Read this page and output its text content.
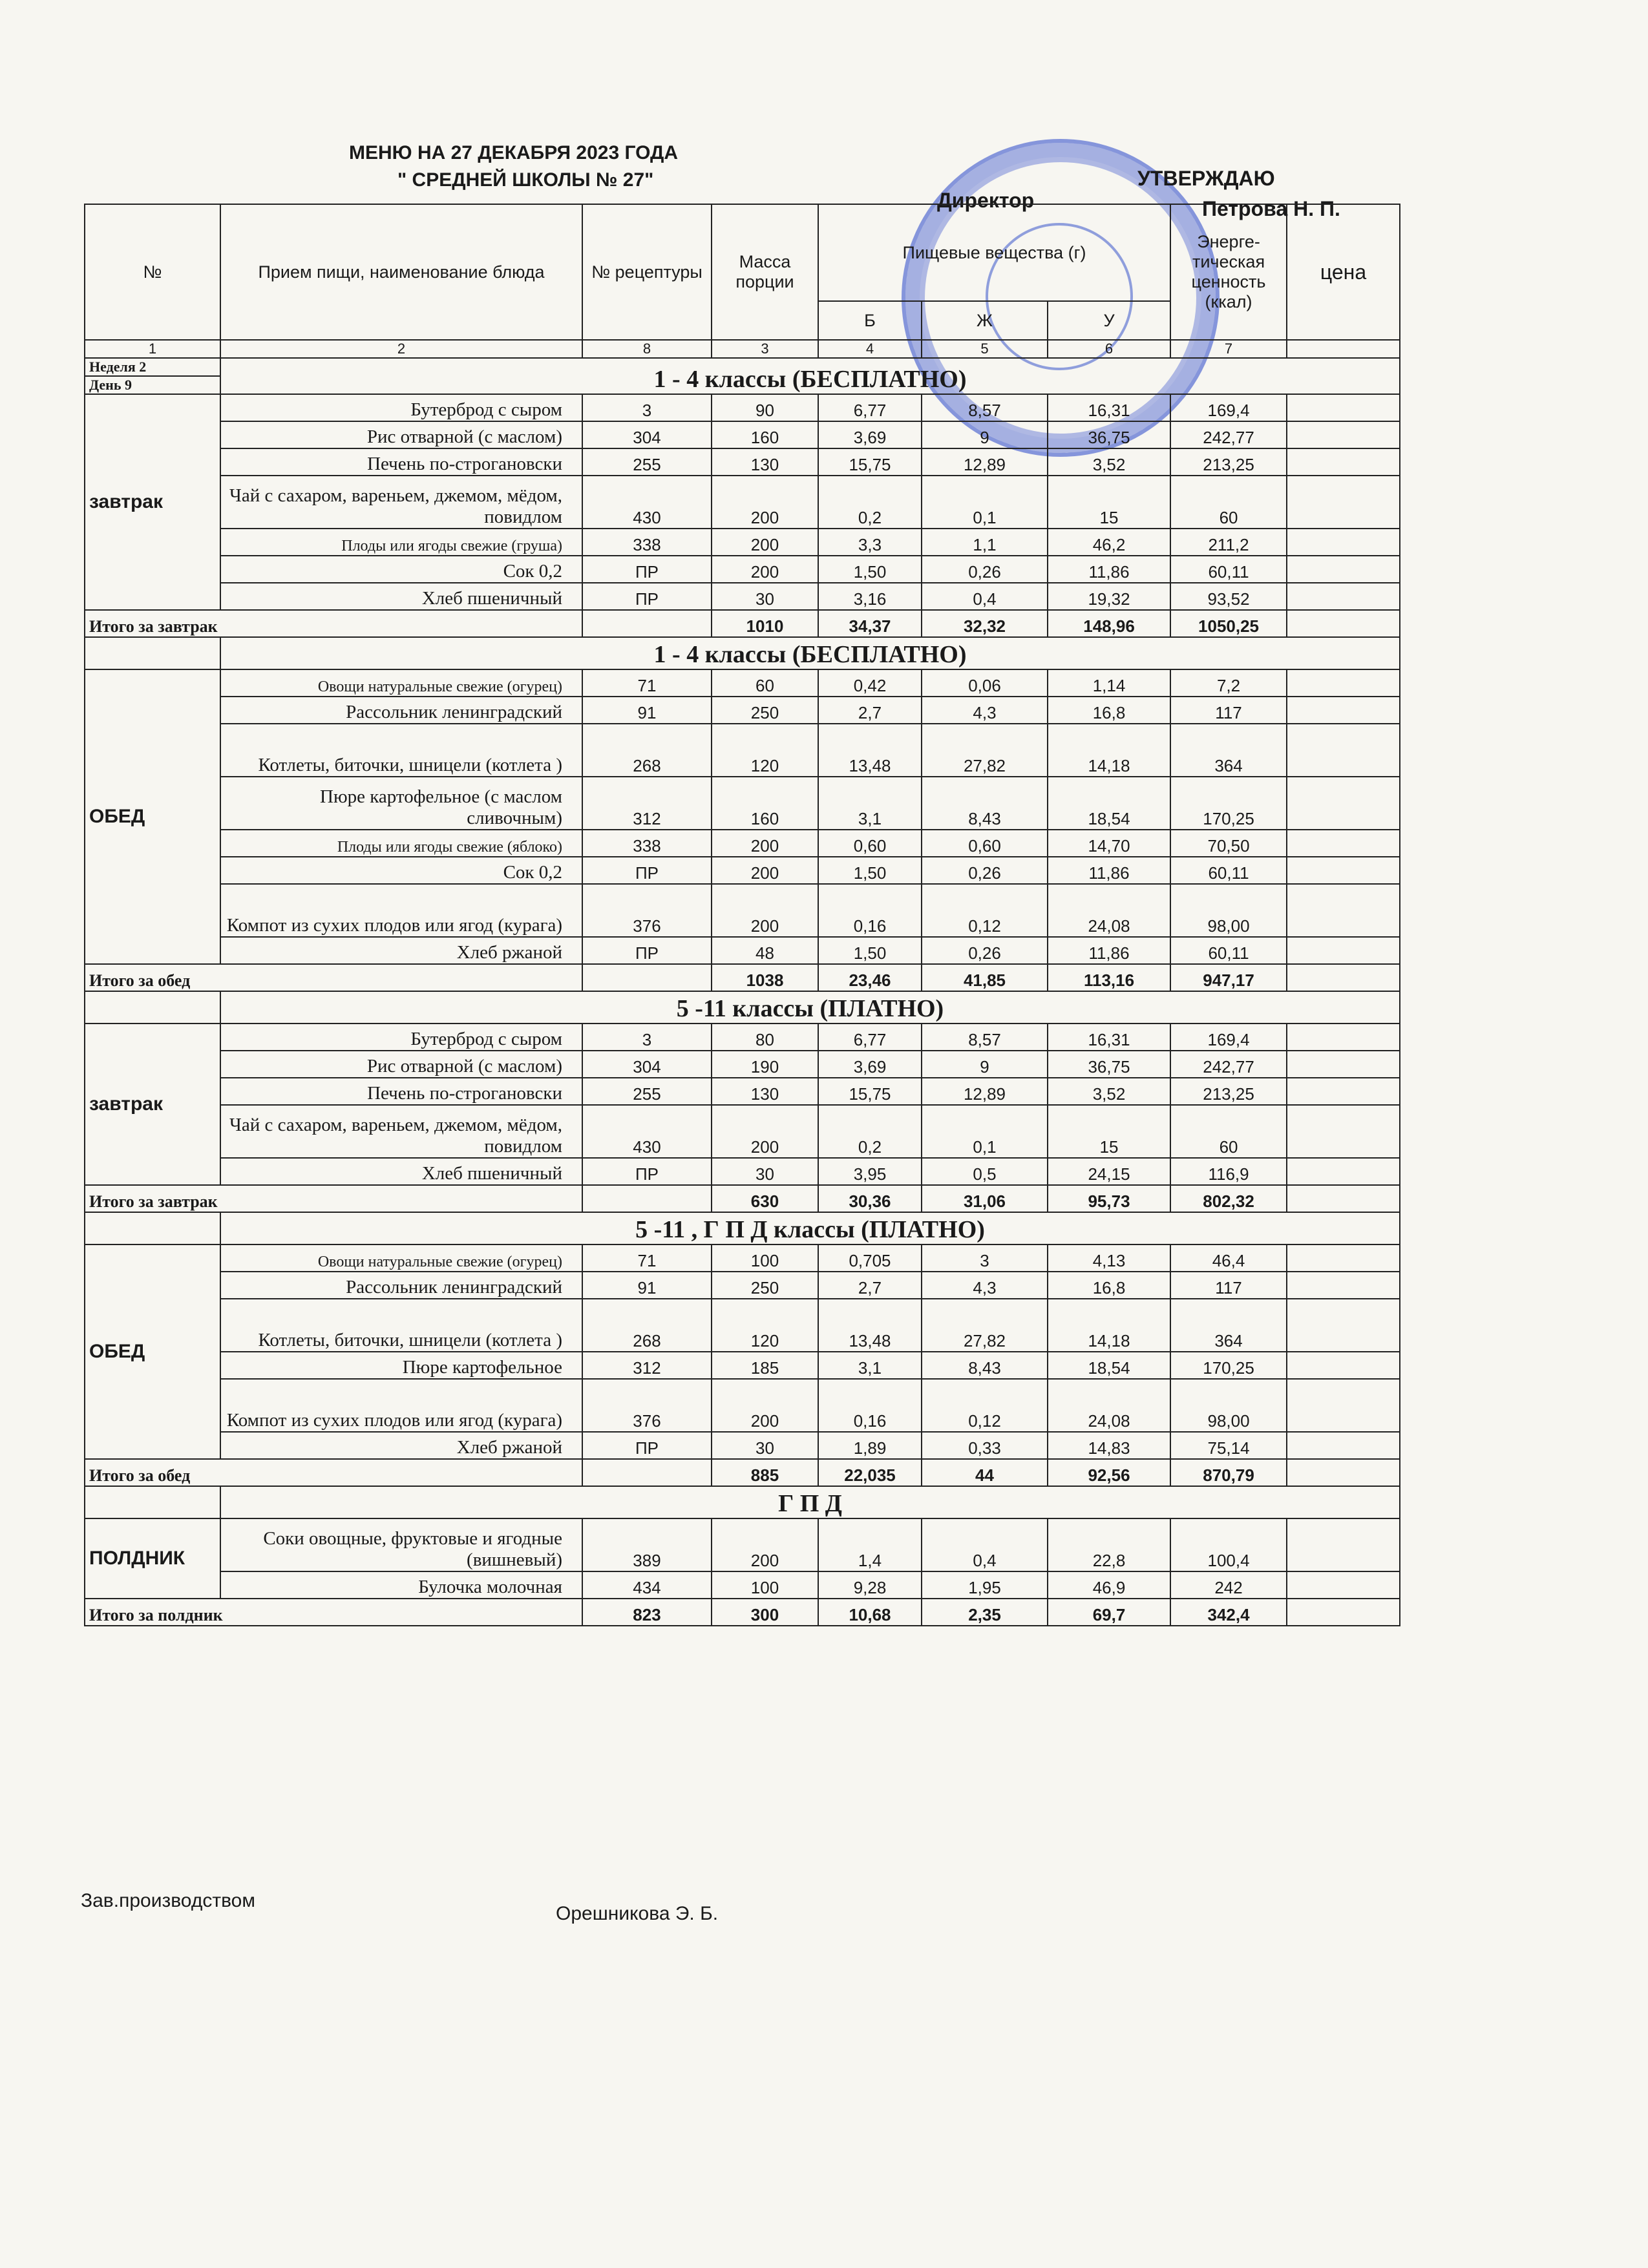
МЕНЮ НА 27 ДЕКАБРЯ 2023 ГОДА
" СРЕДНЕЙ ШКОЛЫ № 27"	УТВЕРЖДАЮ
Директор	Петрова Н. П.
№	Прием пищи, наименование блюда	№ рецептуры	Масса порции	Пищевые вещества (г)			Энерге-тическая ценность (ккал)	цена
				Б	Ж	У		
1	2	8	3	4	5	6	7	
Неделя 2	1 - 4 классы (БЕСПЛАТНО)							
День 9								
завтрак	Бутерброд с сыром	3	90	6,77	8,57	16,31	169,4	
	Рис отварной (с маслом)	304	160	3,69	9	36,75	242,77	
	Печень по-строгановски	255	130	15,75	12,89	3,52	213,25	
	Чай с сахаром, вареньем, джемом, мёдом, повидлом	430	200	0,2	0,1	15	60	
	Плоды или ягоды свежие (груша)	338	200	3,3	1,1	46,2	211,2	
	Сок 0,2	ПР	200	1,50	0,26	11,86	60,11	
	Хлеб пшеничный	ПР	30	3,16	0,4	19,32	93,52	
Итого за завтрак			1010	34,37	32,32	148,96	1050,25	
	1 - 4 классы (БЕСПЛАТНО)							
ОБЕД	Овощи натуральные свежие (огурец)	71	60	0,42	0,06	1,14	7,2	
	Рассольник ленинградский	91	250	2,7	4,3	16,8	117	
	Котлеты, биточки, шницели (котлета )	268	120	13,48	27,82	14,18	364	
	Пюре картофельное (с маслом сливочным)	312	160	3,1	8,43	18,54	170,25	
	Плоды или ягоды свежие (яблоко)	338	200	0,60	0,60	14,70	70,50	
	Сок 0,2	ПР	200	1,50	0,26	11,86	60,11	
	Компот из сухих плодов или ягод (курага)	376	200	0,16	0,12	24,08	98,00	
	Хлеб ржаной	ПР	48	1,50	0,26	11,86	60,11	
Итого за обед			1038	23,46	41,85	113,16	947,17	
	5 -11 классы (ПЛАТНО)							
завтрак	Бутерброд с сыром	3	80	6,77	8,57	16,31	169,4	
	Рис отварной (с маслом)	304	190	3,69	9	36,75	242,77	
	Печень по-строгановски	255	130	15,75	12,89	3,52	213,25	
	Чай с сахаром, вареньем, джемом, мёдом, повидлом	430	200	0,2	0,1	15	60	
	Хлеб пшеничный	ПР	30	3,95	0,5	24,15	116,9	
Итого за завтрак			630	30,36	31,06	95,73	802,32	
	5 -11 , Г П Д классы (ПЛАТНО)							
ОБЕД	Овощи натуральные свежие (огурец)	71	100	0,705	3	4,13	46,4	
	Рассольник ленинградский	91	250	2,7	4,3	16,8	117	
	Котлеты, биточки, шницели (котлета )	268	120	13,48	27,82	14,18	364	
	Пюре картофельное	312	185	3,1	8,43	18,54	170,25	
	Компот из сухих плодов или ягод (курага)	376	200	0,16	0,12	24,08	98,00	
	Хлеб ржаной	ПР	30	1,89	0,33	14,83	75,14	
Итого за обед			885	22,035	44	92,56	870,79	
	Г П Д							
ПОЛДНИК	Соки овощные, фруктовые и ягодные (вишневый)	389	200	1,4	0,4	22,8	100,4	
	Булочка молочная	434	100	9,28	1,95	46,9	242	
Итого за полдник		823	300	10,68	2,35	69,7	342,4	
Зав.производством
Орешникова Э. Б.
